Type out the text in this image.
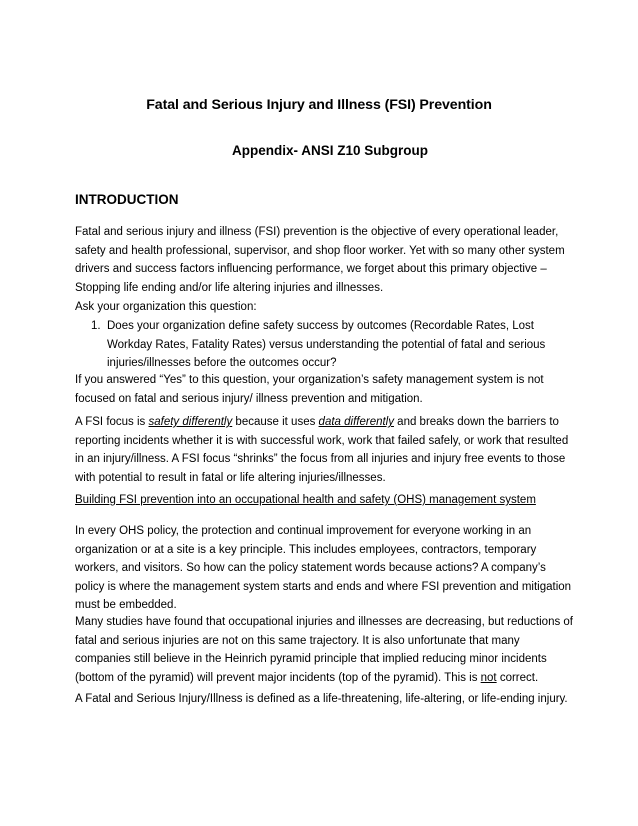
Fatal and Serious Injury and Illness (FSI) Prevention
Appendix- ANSI Z10 Subgroup
INTRODUCTION
Fatal and serious injury and illness (FSI) prevention is the objective of every operational leader, safety and health professional, supervisor, and shop floor worker. Yet with so many other system drivers and success factors influencing performance, we forget about this primary objective – Stopping life ending and/or life altering injuries and illnesses.
Ask your organization this question:
1. Does your organization define safety success by outcomes (Recordable Rates, Lost Workday Rates, Fatality Rates) versus understanding the potential of fatal and serious injuries/illnesses before the outcomes occur?
If you answered “Yes” to this question, your organization’s safety management system is not focused on fatal and serious injury/ illness prevention and mitigation.
A FSI focus is safety differently because it uses data differently and breaks down the barriers to reporting incidents whether it is with successful work, work that failed safely, or work that resulted in an injury/illness. A FSI focus “shrinks” the focus from all injuries and injury free events to those with potential to result in fatal or life altering injuries/illnesses.
Building FSI prevention into an occupational health and safety (OHS) management system
In every OHS policy, the protection and continual improvement for everyone working in an organization or at a site is a key principle. This includes employees, contractors, temporary workers, and visitors. So how can the policy statement words because actions? A company’s policy is where the management system starts and ends and where FSI prevention and mitigation must be embedded.
Many studies have found that occupational injuries and illnesses are decreasing, but reductions of fatal and serious injuries are not on this same trajectory. It is also unfortunate that many companies still believe in the Heinrich pyramid principle that implied reducing minor incidents (bottom of the pyramid) will prevent major incidents (top of the pyramid). This is not correct.
A Fatal and Serious Injury/Illness is defined as a life-threatening, life-altering, or life-ending injury.
